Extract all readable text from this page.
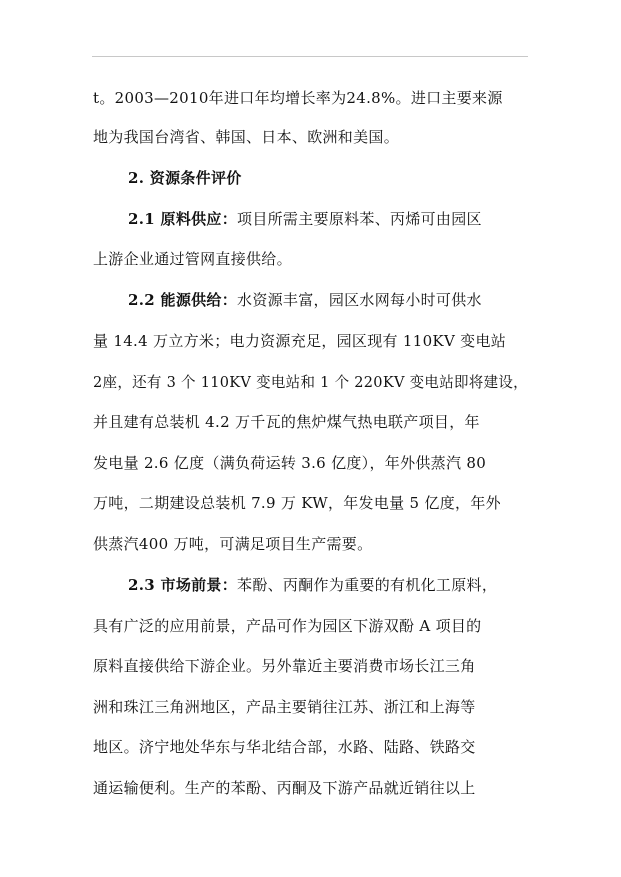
t。2003—2010年进口年均增长率为24.8%。进口主要来源
地为我国台湾省、韩国、日本、欧洲和美国。
2. 资源条件评价
2.1 原料供应：项目所需主要原料苯、丙烯可由园区
上游企业通过管网直接供给。
2.2 能源供给：水资源丰富，园区水网每小时可供水
量 14.4 万立方米；电力资源充足，园区现有 110KV 变电站
2座，还有 3 个 110KV 变电站和 1 个 220KV 变电站即将建设，
并且建有总装机 4.2 万千瓦的焦炉煤气热电联产项目，年
发电量 2.6 亿度（满负荷运转 3.6 亿度），年外供蒸汽 80
万吨，二期建设总装机 7.9 万 KW，年发电量 5 亿度，年外
供蒸汽400 万吨，可满足项目生产需要。
2.3 市场前景：苯酚、丙酮作为重要的有机化工原料，
具有广泛的应用前景，产品可作为园区下游双酚 A 项目的
原料直接供给下游企业。另外靠近主要消费市场长江三角
洲和珠江三角洲地区，产品主要销往江苏、浙江和上海等
地区。济宁地处华东与华北结合部，水路、陆路、铁路交
通运输便利。生产的苯酚、丙酮及下游产品就近销往以上
